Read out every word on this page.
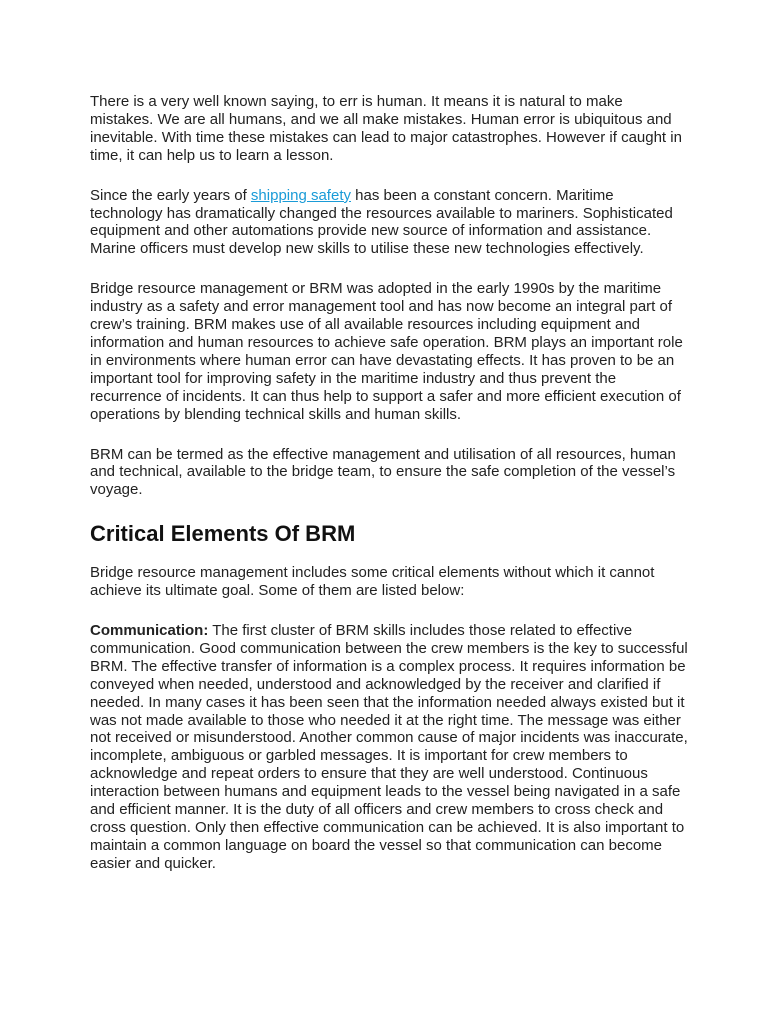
There is a very well known saying, to err is human. It means it is natural to make mistakes. We are all humans, and we all make mistakes. Human error is ubiquitous and inevitable. With time these mistakes can lead to major catastrophes. However if caught in time, it can help us to learn a lesson.

Since the early years of shipping safety has been a constant concern. Maritime technology has dramatically changed the resources available to mariners. Sophisticated equipment and other automations provide new source of information and assistance. Marine officers must develop new skills to utilise these new technologies effectively.

Bridge resource management or BRM was adopted in the early 1990s by the maritime industry as a safety and error management tool and has now become an integral part of crew’s training. BRM makes use of all available resources including equipment and information and human resources to achieve safe operation. BRM plays an important role in environments where human error can have devastating effects. It has proven to be an important tool for improving safety in the maritime industry and thus prevent the recurrence of incidents. It can thus help to support a safer and more efficient execution of operations by blending technical skills and human skills.

BRM can be termed as the effective management and utilisation of all resources, human and technical, available to the bridge team, to ensure the safe completion of the vessel’s voyage.

Critical Elements Of BRM

Bridge resource management includes some critical elements without which it cannot achieve its ultimate goal. Some of them are listed below:

Communication: The first cluster of BRM skills includes those related to effective communication. Good communication between the crew members is the key to successful BRM. The effective transfer of information is a complex process. It requires information be conveyed when needed, understood and acknowledged by the receiver and clarified if needed. In many cases it has been seen that the information needed always existed but it was not made available to those who needed it at the right time. The message was either not received or misunderstood. Another common cause of major incidents was inaccurate, incomplete, ambiguous or garbled messages. It is important for crew members to acknowledge and repeat orders to ensure that they are well understood. Continuous interaction between humans and equipment leads to the vessel being navigated in a safe and efficient manner. It is the duty of all officers and crew members to cross check and cross question. Only then effective communication can be achieved. It is also important to maintain a common language on board the vessel so that communication can become easier and quicker.
